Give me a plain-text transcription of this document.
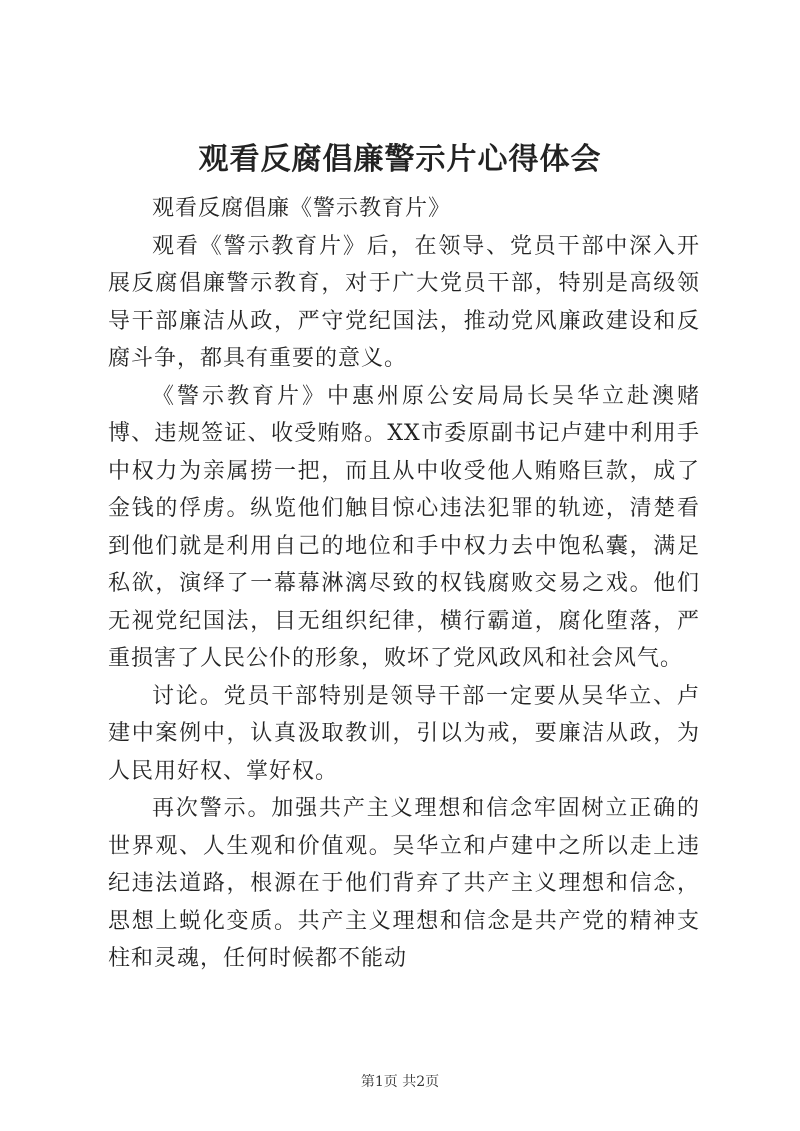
观看反腐倡廉警示片心得体会

观看反腐倡廉《警示教育片》

观看《警示教育片》后，在领导、党员干部中深入开展反腐倡廉警示教育，对于广大党员干部，特别是高级领导干部廉洁从政，严守党纪国法，推动党风廉政建设和反腐斗争，都具有重要的意义。

《警示教育片》中惠州原公安局局长吴华立赴澳赌博、违规签证、收受贿赂。XX市委原副书记卢建中利用手中权力为亲属捞一把，而且从中收受他人贿赂巨款，成了金钱的俘虏。纵览他们触目惊心违法犯罪的轨迹，清楚看到他们就是利用自己的地位和手中权力去中饱私囊，满足私欲，演绎了一幕幕淋漓尽致的权钱腐败交易之戏。他们无视党纪国法，目无组织纪律，横行霸道，腐化堕落，严重损害了人民公仆的形象，败坏了党风政风和社会风气。

讨论。党员干部特别是领导干部一定要从吴华立、卢建中案例中，认真汲取教训，引以为戒，要廉洁从政，为人民用好权、掌好权。

再次警示。加强共产主义理想和信念牢固树立正确的世界观、人生观和价值观。吴华立和卢建中之所以走上违纪违法道路，根源在于他们背弃了共产主义理想和信念，思想上蜕化变质。共产主义理想和信念是共产党的精神支柱和灵魂，任何时候都不能动

第1页 共2页
